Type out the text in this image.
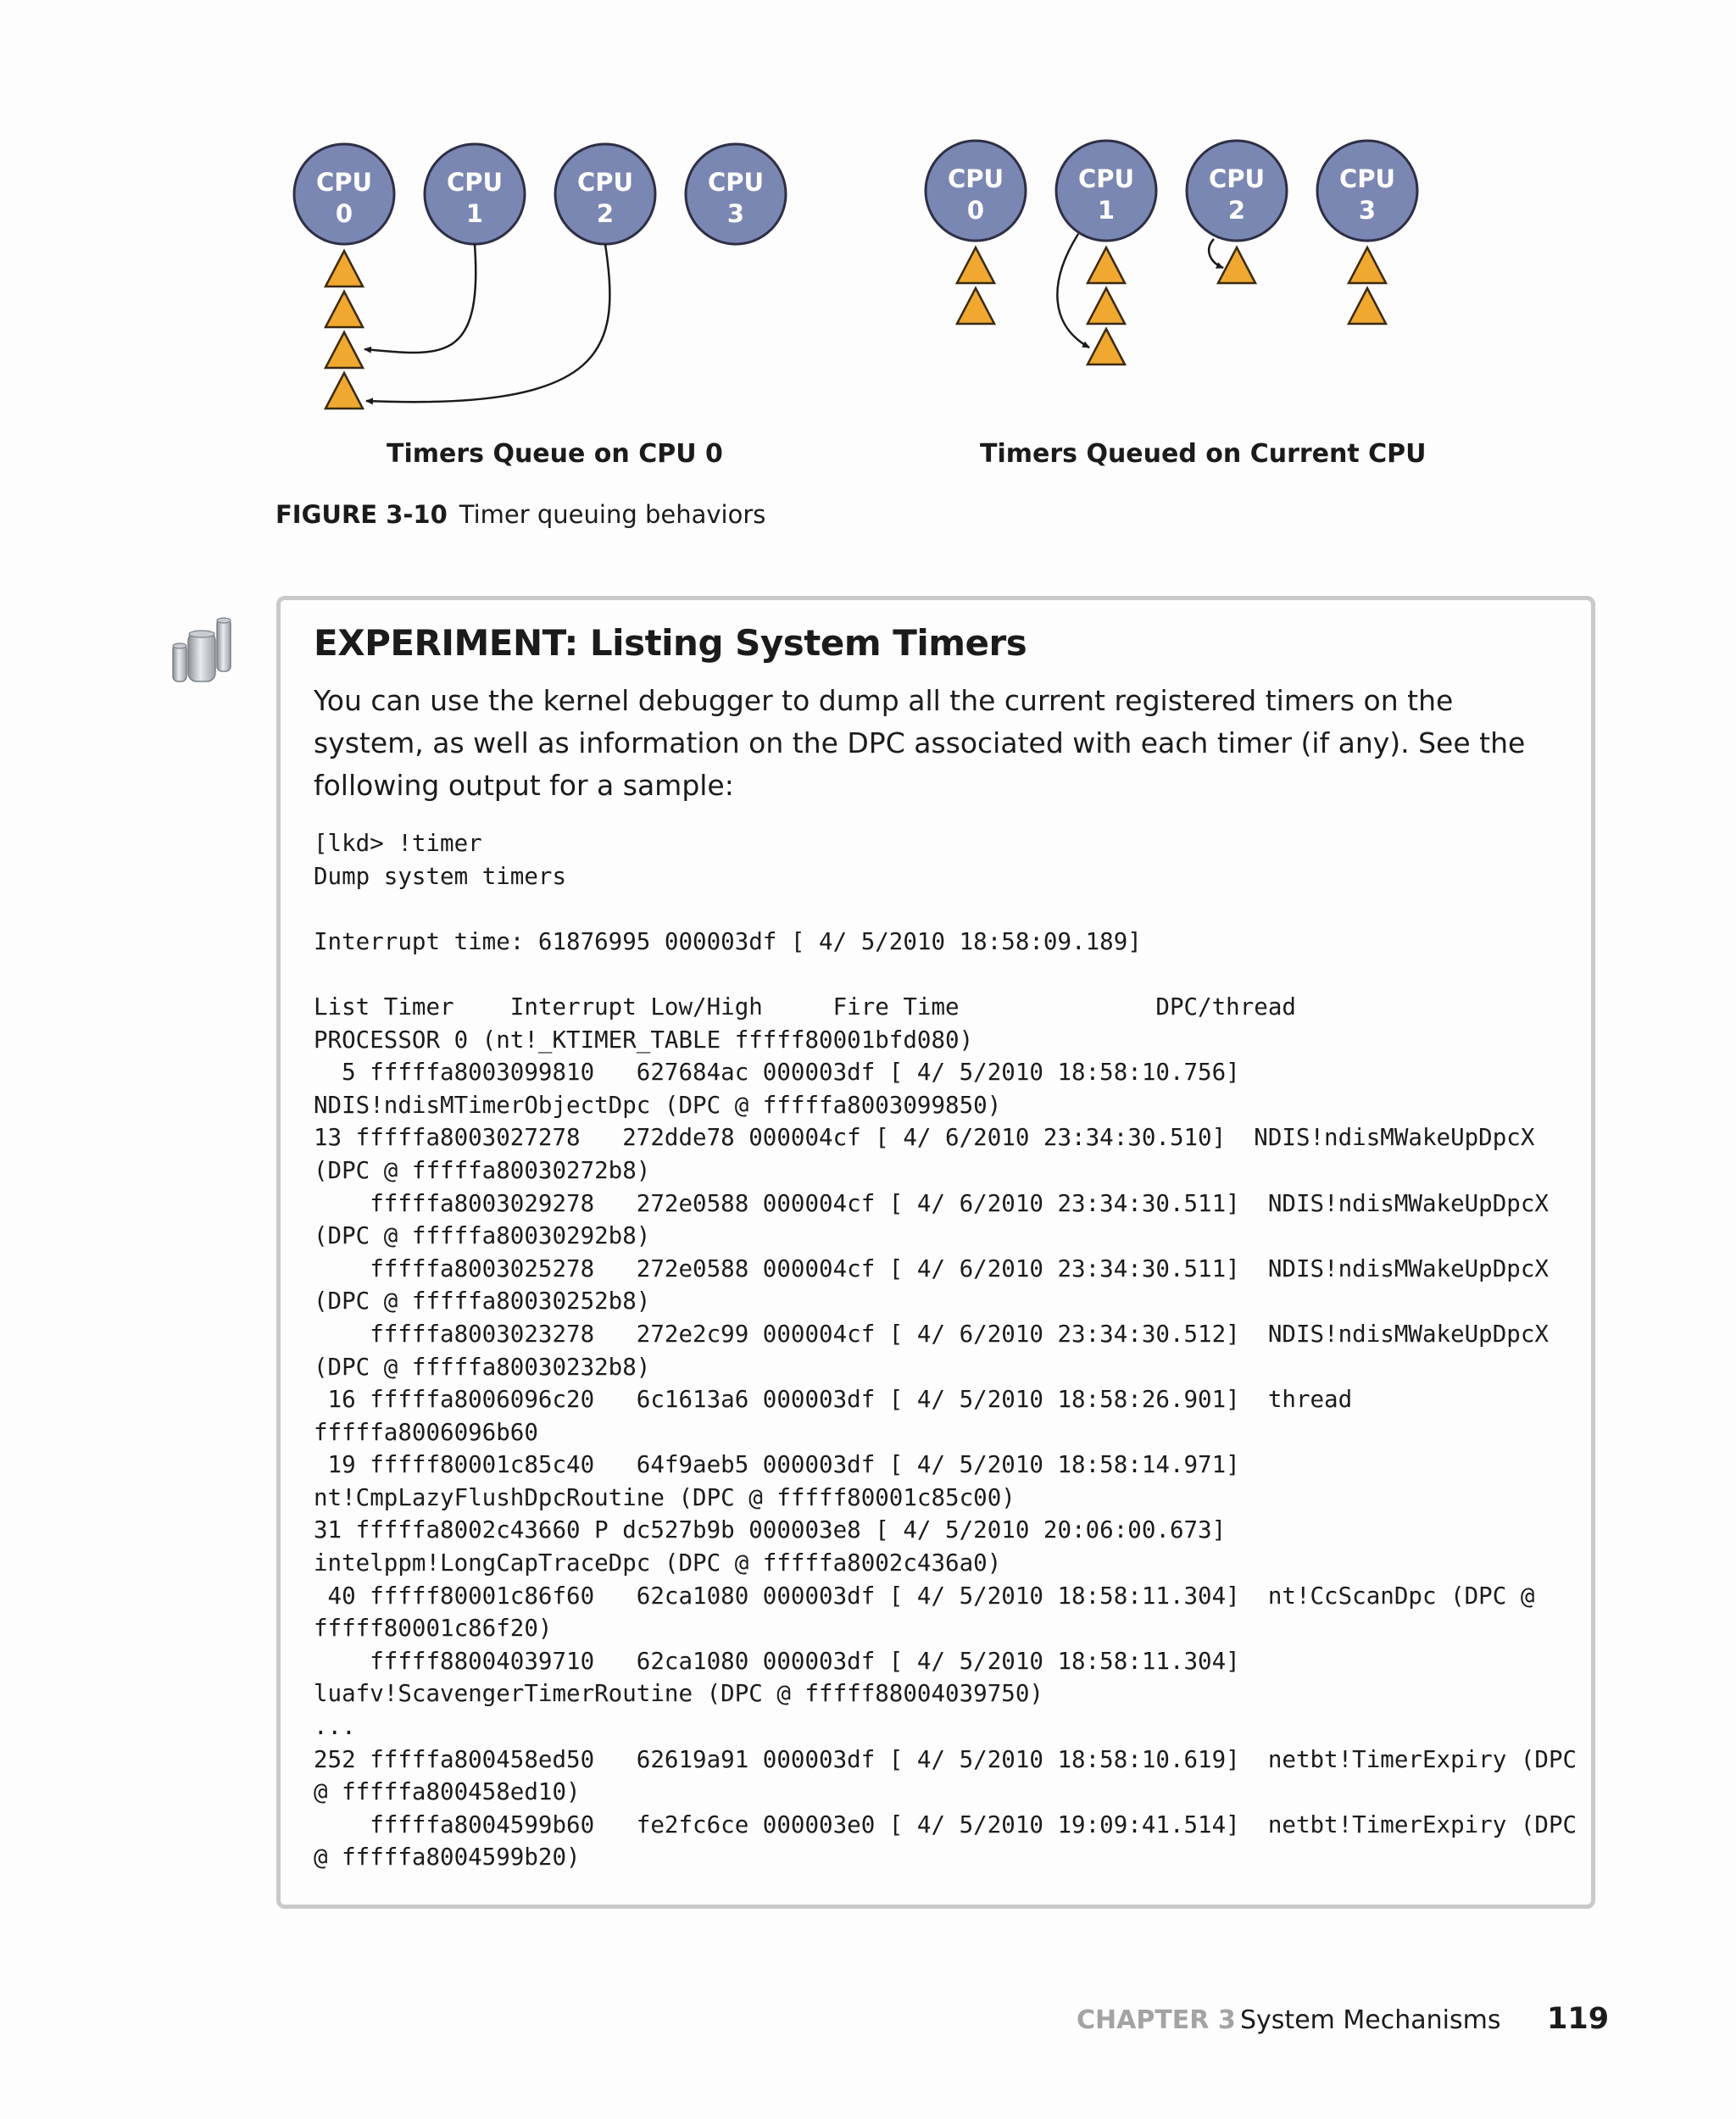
CPU
0
CPU
1
CPU
2
CPU
3
CPU
0
CPU
1
CPU
2
CPU
3
Timers Queue on CPU 0	Timers Queued on Current CPU
FIGURE 3-10 Timer queuing behaviors
EXPERIMENT: Listing System Timers

You can use the kernel debugger to dump all the current registered timers on the system, as well as information on the DPC associated with each timer (if any). See the following output for a sample:

[lkd> !timer
Dump system timers
Interrupt time: 61876995 000003df [ 4/ 5/2010 18:58:09.189]
List Timer    Interrupt Low/High     Fire Time              DPC/thread
PROCESSOR 0 (nt!_KTIMER_TABLE fffff80001bfd080)
5 fffffa8003099810   627684ac 000003df [ 4/ 5/2010 18:58:10.756]
NDIS!ndisMTimerObjectDpc (DPC @ fffffa8003099850)
13 fffffa8003027278   272dde78 000004cf [ 4/ 6/2010 23:34:30.510]  NDIS!ndisMWakeUpDpcX
(DPC @ fffffa80030272b8)
fffffa8003029278   272e0588 000004cf [ 4/ 6/2010 23:34:30.511]  NDIS!ndisMWakeUpDpcX
(DPC @ fffffa80030292b8)
fffffa8003025278   272e0588 000004cf [ 4/ 6/2010 23:34:30.511]  NDIS!ndisMWakeUpDpcX
(DPC @ fffffa80030252b8)
fffffa8003023278   272e2c99 000004cf [ 4/ 6/2010 23:34:30.512]  NDIS!ndisMWakeUpDpcX
(DPC @ fffffa80030232b8)
16 fffffa8006096c20   6c1613a6 000003df [ 4/ 5/2010 18:58:26.901]  thread
fffffa8006096b60
19 fffff80001c85c40   64f9aeb5 000003df [ 4/ 5/2010 18:58:14.971]
nt!CmpLazyFlushDpcRoutine (DPC @ fffff80001c85c00)
31 fffffa8002c43660 P dc527b9b 000003e8 [ 4/ 5/2010 20:06:00.673]
intelppm!LongCapTraceDpc (DPC @ fffffa8002c436a0)
40 fffff80001c86f60   62ca1080 000003df [ 4/ 5/2010 18:58:11.304]  nt!CcScanDpc (DPC @
fffff80001c86f20)
fffff88004039710   62ca1080 000003df [ 4/ 5/2010 18:58:11.304]
luafv!ScavengerTimerRoutine (DPC @ fffff88004039750)
...
252 fffffa800458ed50   62619a91 000003df [ 4/ 5/2010 18:58:10.619]  netbt!TimerExpiry (DPC
@ fffffa800458ed10)
fffffa8004599b60   fe2fc6ce 000003e0 [ 4/ 5/2010 19:09:41.514]  netbt!TimerExpiry (DPC
@ fffffa8004599b20)
CHAPTER 3 System Mechanisms 119
